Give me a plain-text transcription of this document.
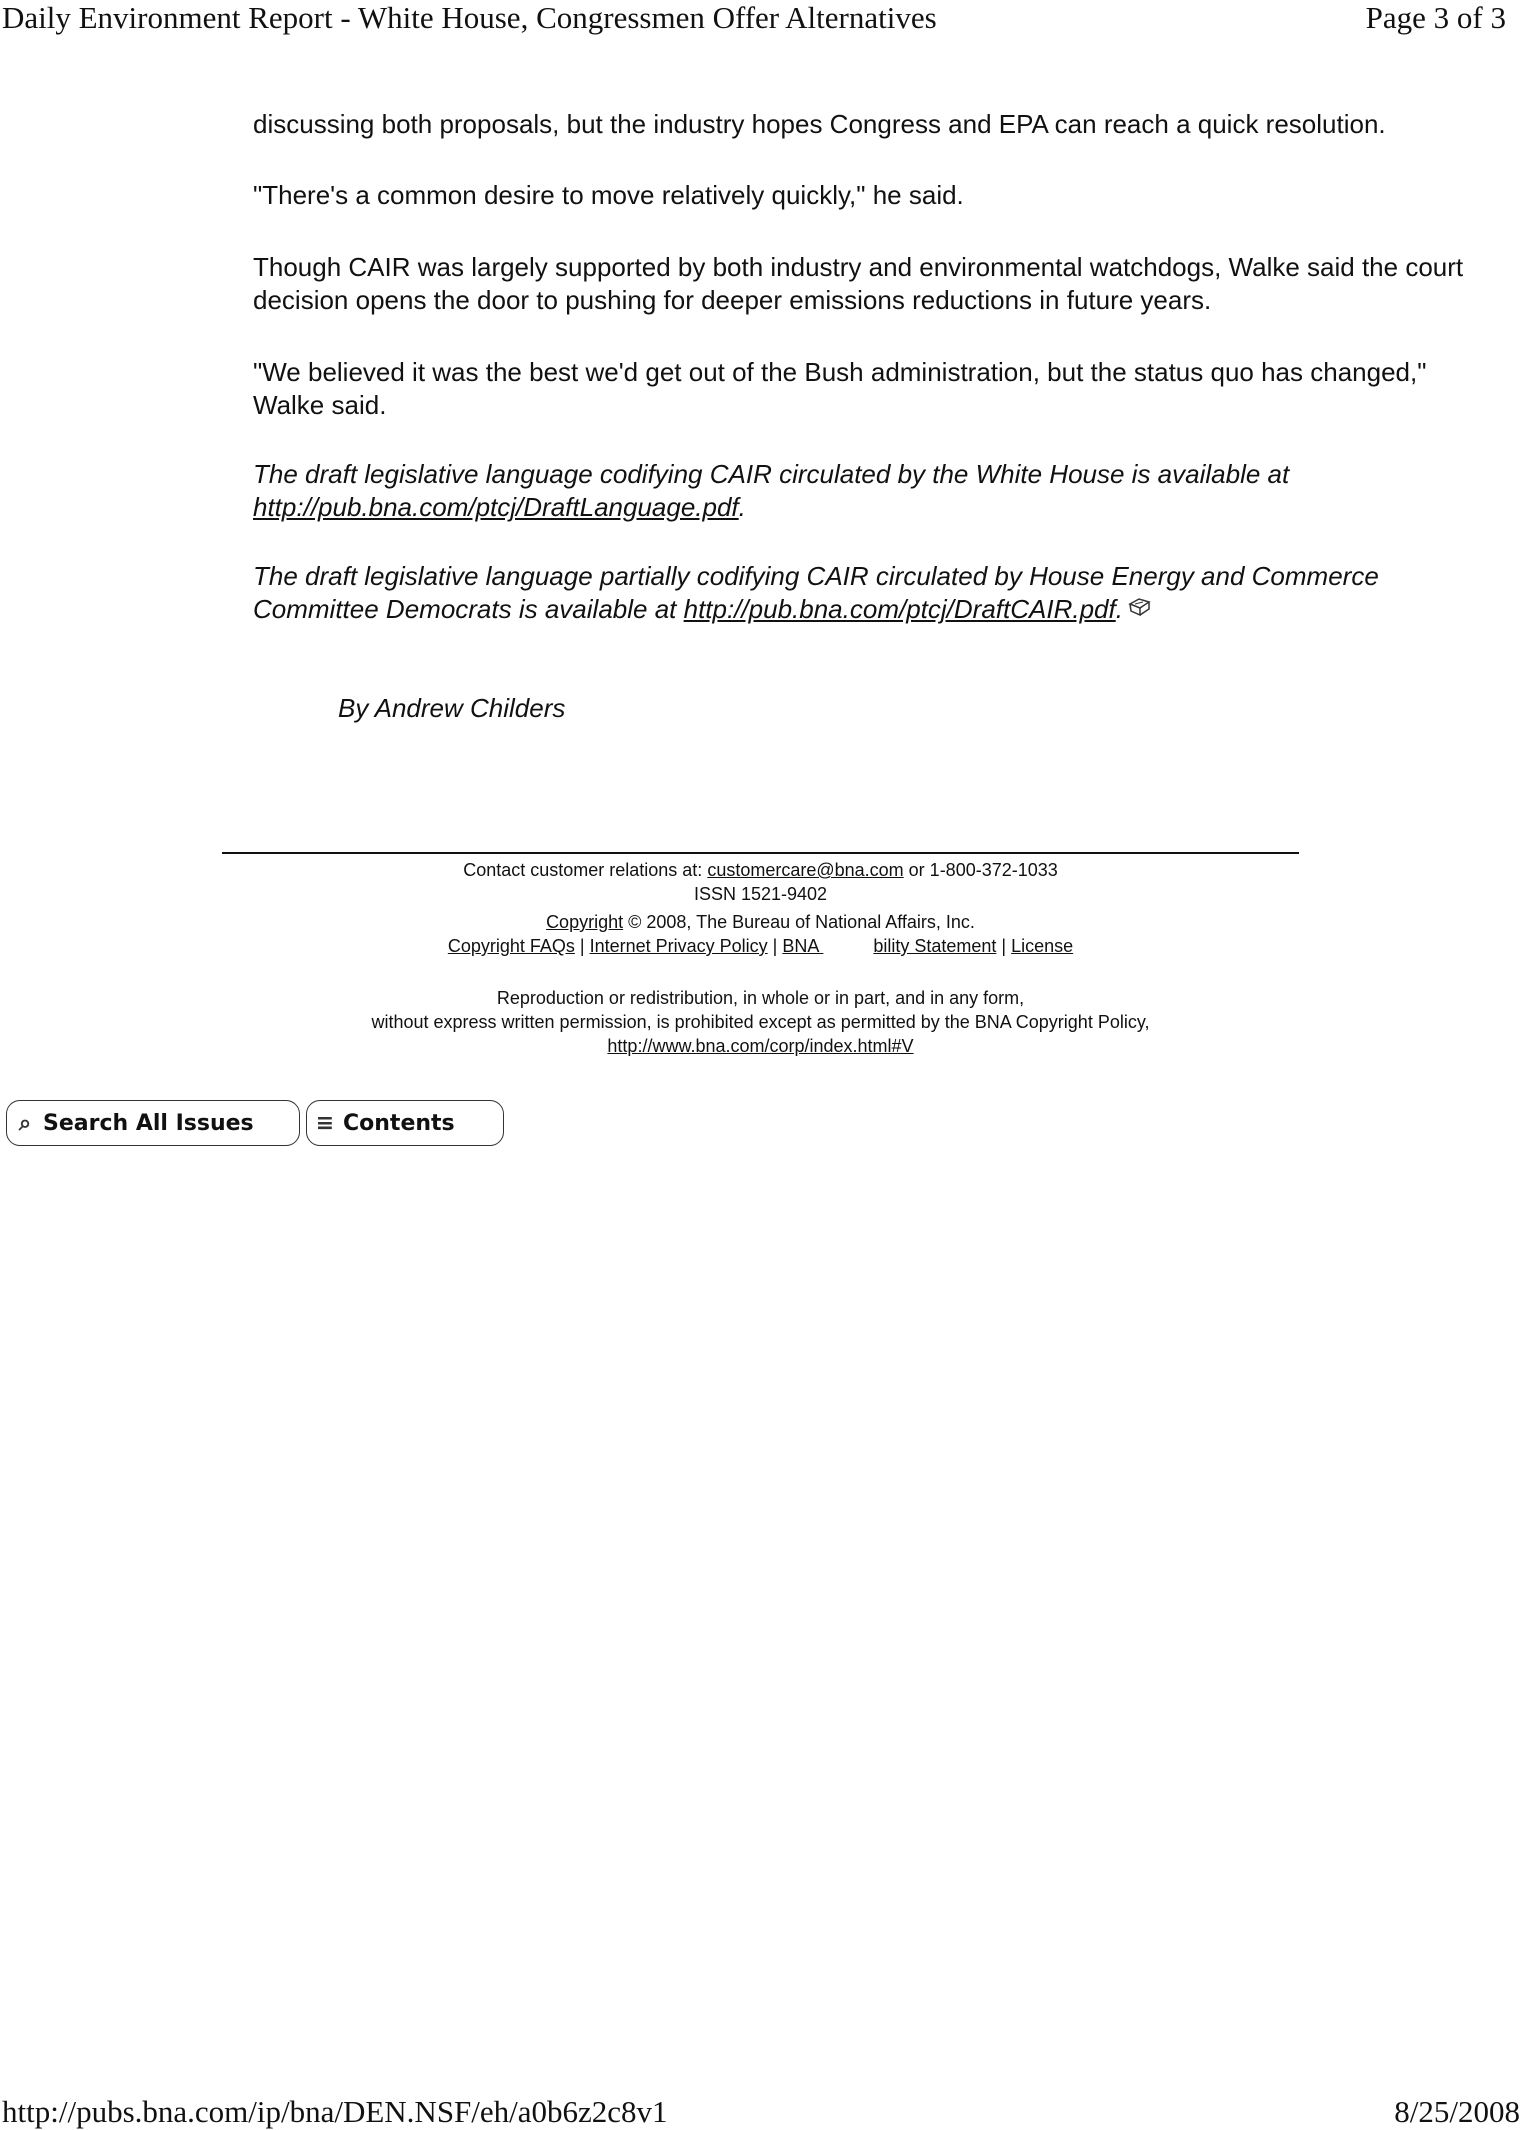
Daily Environment Report - White House, Congressmen Offer Alternatives	Page 3 of 3

discussing both proposals, but the industry hopes Congress and EPA can reach a quick resolution.

"There's a common desire to move relatively quickly," he said.

Though CAIR was largely supported by both industry and environmental watchdogs, Walke said the court decision opens the door to pushing for deeper emissions reductions in future years.

"We believed it was the best we'd get out of the Bush administration, but the status quo has changed," Walke said.

The draft legislative language codifying CAIR circulated by the White House is available at http://pub.bna.com/ptcj/DraftLanguage.pdf.

The draft legislative language partially codifying CAIR circulated by House Energy and Commerce Committee Democrats is available at http://pub.bna.com/ptcj/DraftCAIR.pdf.

By Andrew Childers

Contact customer relations at: customercare@bna.com or 1-800-372-1033
ISSN 1521-9402
Copyright © 2008, The Bureau of National Affairs, Inc.
Copyright FAQs | Internet Privacy Policy | BNA	bility Statement | License
Reproduction or redistribution, in whole or in part, and in any form,
without express written permission, is prohibited except as permitted by the BNA Copyright Policy,
http://www.bna.com/corp/index.html#V
⌕ Search All Issues	≡ Contents
http://pubs.bna.com/ip/bna/DEN.NSF/eh/a0b6z2c8v1	8/25/2008
